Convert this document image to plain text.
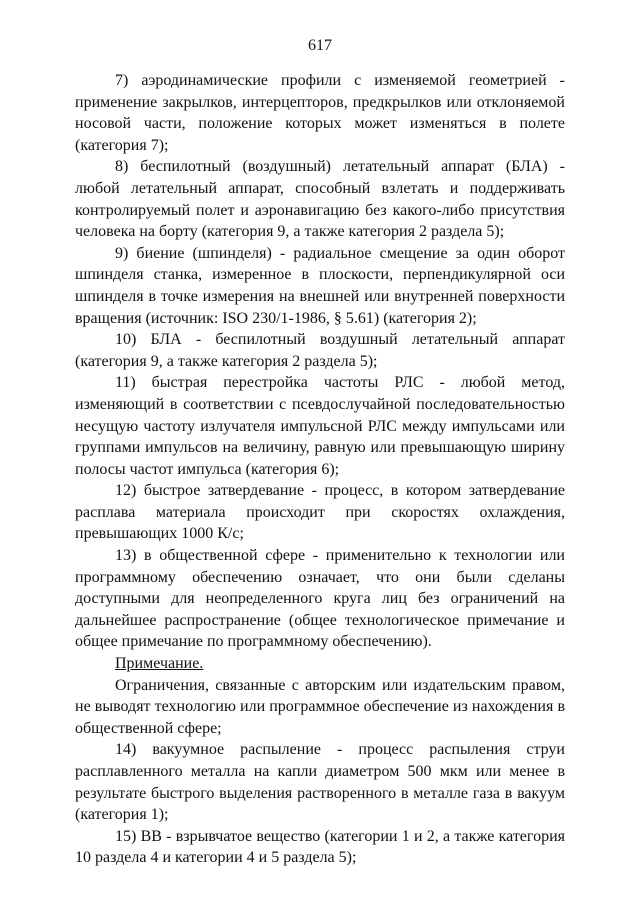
617

7) аэродинамические профили с изменяемой геометрией - применение закрылков, интерцепторов, предкрылков или отклоняемой носовой части, положение которых может изменяться в полете (категория 7);

8) беспилотный (воздушный) летательный аппарат (БЛА) - любой летательный аппарат, способный взлетать и поддерживать контролируемый полет и аэронавигацию без какого-либо присутствия человека на борту (категория 9, а также категория 2 раздела 5);

9) биение (шпинделя) - радиальное смещение за один оборот шпинделя станка, измеренное в плоскости, перпендикулярной оси шпинделя в точке измерения на внешней или внутренней поверхности вращения (источник: ISO 230/1-1986, § 5.61) (категория 2);

10) БЛА - беспилотный воздушный летательный аппарат (категория 9, а также категория 2 раздела 5);

11) быстрая перестройка частоты РЛС - любой метод, изменяющий в соответствии с псевдослучайной последовательностью несущую частоту излучателя импульсной РЛС между импульсами или группами импульсов на величину, равную или превышающую ширину полосы частот импульса (категория 6);

12) быстрое затвердевание - процесс, в котором затвердевание расплава материала происходит при скоростях охлаждения, превышающих 1000 К/с;

13) в общественной сфере - применительно к технологии или программному обеспечению означает, что они были сделаны доступными для неопределенного круга лиц без ограничений на дальнейшее распространение (общее технологическое примечание и общее примечание по программному обеспечению).

Примечание.

Ограничения, связанные с авторским или издательским правом, не выводят технологию или программное обеспечение из нахождения в общественной сфере;

14) вакуумное распыление - процесс распыления струи расплавленного металла на капли диаметром 500 мкм или менее в результате быстрого выделения растворенного в металле газа в вакуум (категория 1);

15) ВВ - взрывчатое вещество (категории 1 и 2, а также категория 10 раздела 4 и категории 4 и 5 раздела 5);
